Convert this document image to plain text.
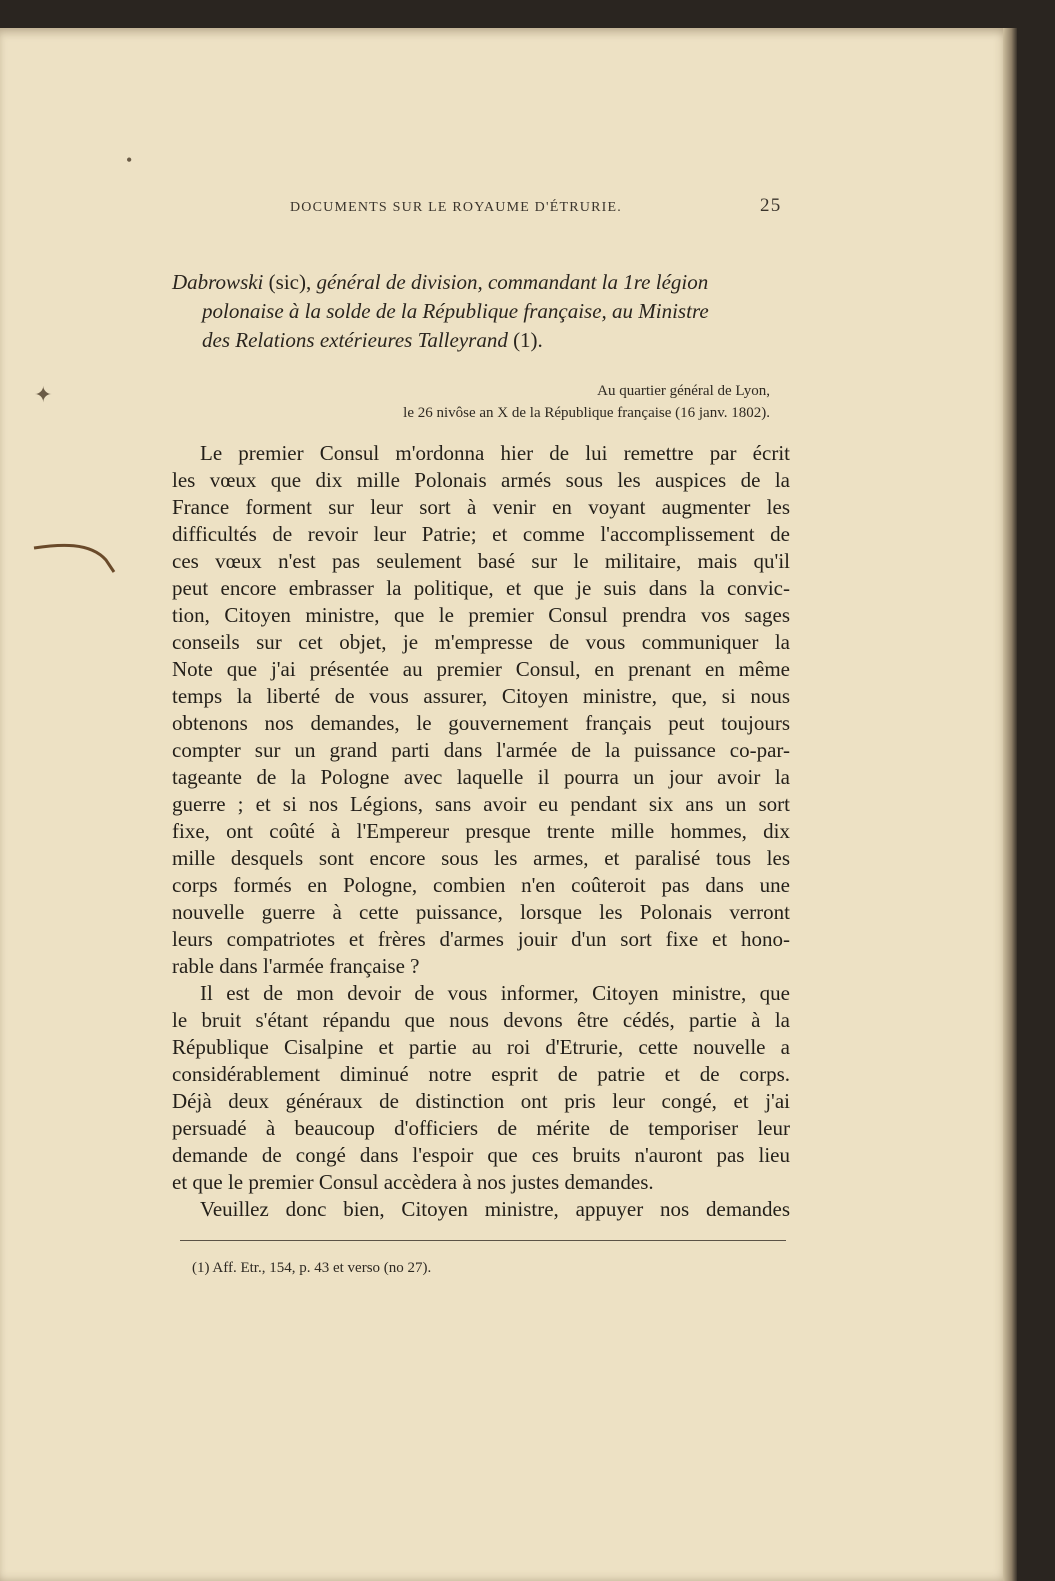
•
✦
DOCUMENTS SUR LE ROYAUME D'ÉTRURIE.	25

Dabrowski (sic), général de division, commandant la 1re légion

polonaise à la solde de la République française, au Ministre

des Relations extérieures Talleyrand (1).

Au quartier général de Lyon,
le 26 nivôse an X de la République française (16 janv. 1802).
Le premier Consul m'ordonna hier de lui remettre par écrit
les vœux que dix mille Polonais armés sous les auspices de la
France forment sur leur sort à venir en voyant augmenter les
difficultés de revoir leur Patrie; et comme l'accomplissement de
ces vœux n'est pas seulement basé sur le militaire, mais qu'il
peut encore embrasser la politique, et que je suis dans la convic-
tion, Citoyen ministre, que le premier Consul prendra vos sages
conseils sur cet objet, je m'empresse de vous communiquer la
Note que j'ai présentée au premier Consul, en prenant en même
temps la liberté de vous assurer, Citoyen ministre, que, si nous
obtenons nos demandes, le gouvernement français peut toujours
compter sur un grand parti dans l'armée de la puissance co-par-
tageante de la Pologne avec laquelle il pourra un jour avoir la
guerre ; et si nos Légions, sans avoir eu pendant six ans un sort
fixe, ont coûté à l'Empereur presque trente mille hommes, dix
mille desquels sont encore sous les armes, et paralisé tous les
corps formés en Pologne, combien n'en coûteroit pas dans une
nouvelle guerre à cette puissance, lorsque les Polonais verront
leurs compatriotes et frères d'armes jouir d'un sort fixe et hono-
rable dans l'armée française ?
Il est de mon devoir de vous informer, Citoyen ministre, que
le bruit s'étant répandu que nous devons être cédés, partie à la
République Cisalpine et partie au roi d'Etrurie, cette nouvelle a
considérablement diminué notre esprit de patrie et de corps.
Déjà deux généraux de distinction ont pris leur congé, et j'ai
persuadé à beaucoup d'officiers de mérite de temporiser leur
demande de congé dans l'espoir que ces bruits n'auront pas lieu
et que le premier Consul accèdera à nos justes demandes.
Veuillez donc bien, Citoyen ministre, appuyer nos demandes
(1) Aff. Etr., 154, p. 43 et verso (no 27).
